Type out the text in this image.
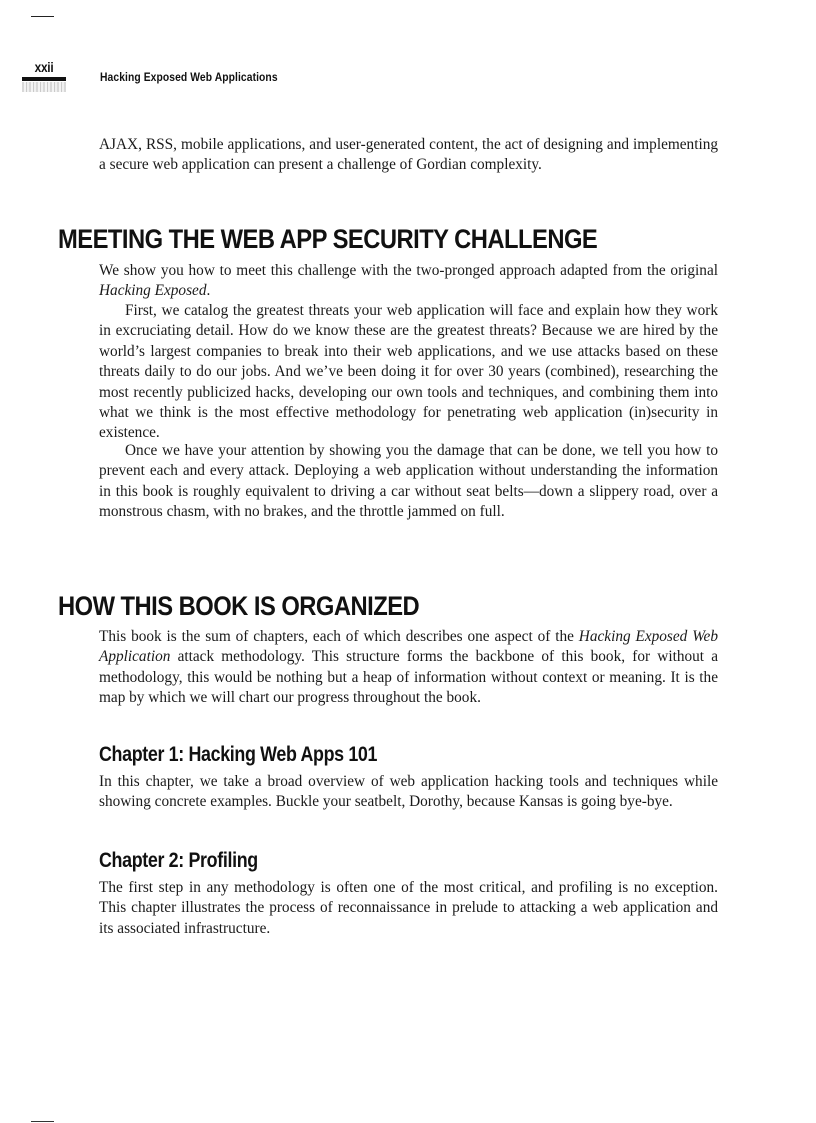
xxii
Hacking Exposed Web Applications

AJAX, RSS, mobile applications, and user-generated content, the act of designing and implementing a secure web application can present a challenge of Gordian complexity.

MEETING THE WEB APP SECURITY CHALLENGE

We show you how to meet this challenge with the two-pronged approach adapted from the original Hacking Exposed.

First, we catalog the greatest threats your web application will face and explain how they work in excruciating detail. How do we know these are the greatest threats? Because we are hired by the world’s largest companies to break into their web applications, and we use attacks based on these threats daily to do our jobs. And we’ve been doing it for over 30 years (combined), researching the most recently publicized hacks, developing our own tools and techniques, and combining them into what we think is the most effective methodology for penetrating web application (in)security in existence.

Once we have your attention by showing you the damage that can be done, we tell you how to prevent each and every attack. Deploying a web application without understanding the information in this book is roughly equivalent to driving a car without seat belts—down a slippery road, over a monstrous chasm, with no brakes, and the throttle jammed on full.

HOW THIS BOOK IS ORGANIZED

This book is the sum of chapters, each of which describes one aspect of the Hacking Exposed Web Application attack methodology. This structure forms the backbone of this book, for without a methodology, this would be nothing but a heap of information without context or meaning. It is the map by which we will chart our progress throughout the book.

Chapter 1: Hacking Web Apps 101

In this chapter, we take a broad overview of web application hacking tools and techniques while showing concrete examples. Buckle your seatbelt, Dorothy, because Kansas is going bye-bye.

Chapter 2: Profiling

The first step in any methodology is often one of the most critical, and profiling is no exception. This chapter illustrates the process of reconnaissance in prelude to attacking a web application and its associated infrastructure.
